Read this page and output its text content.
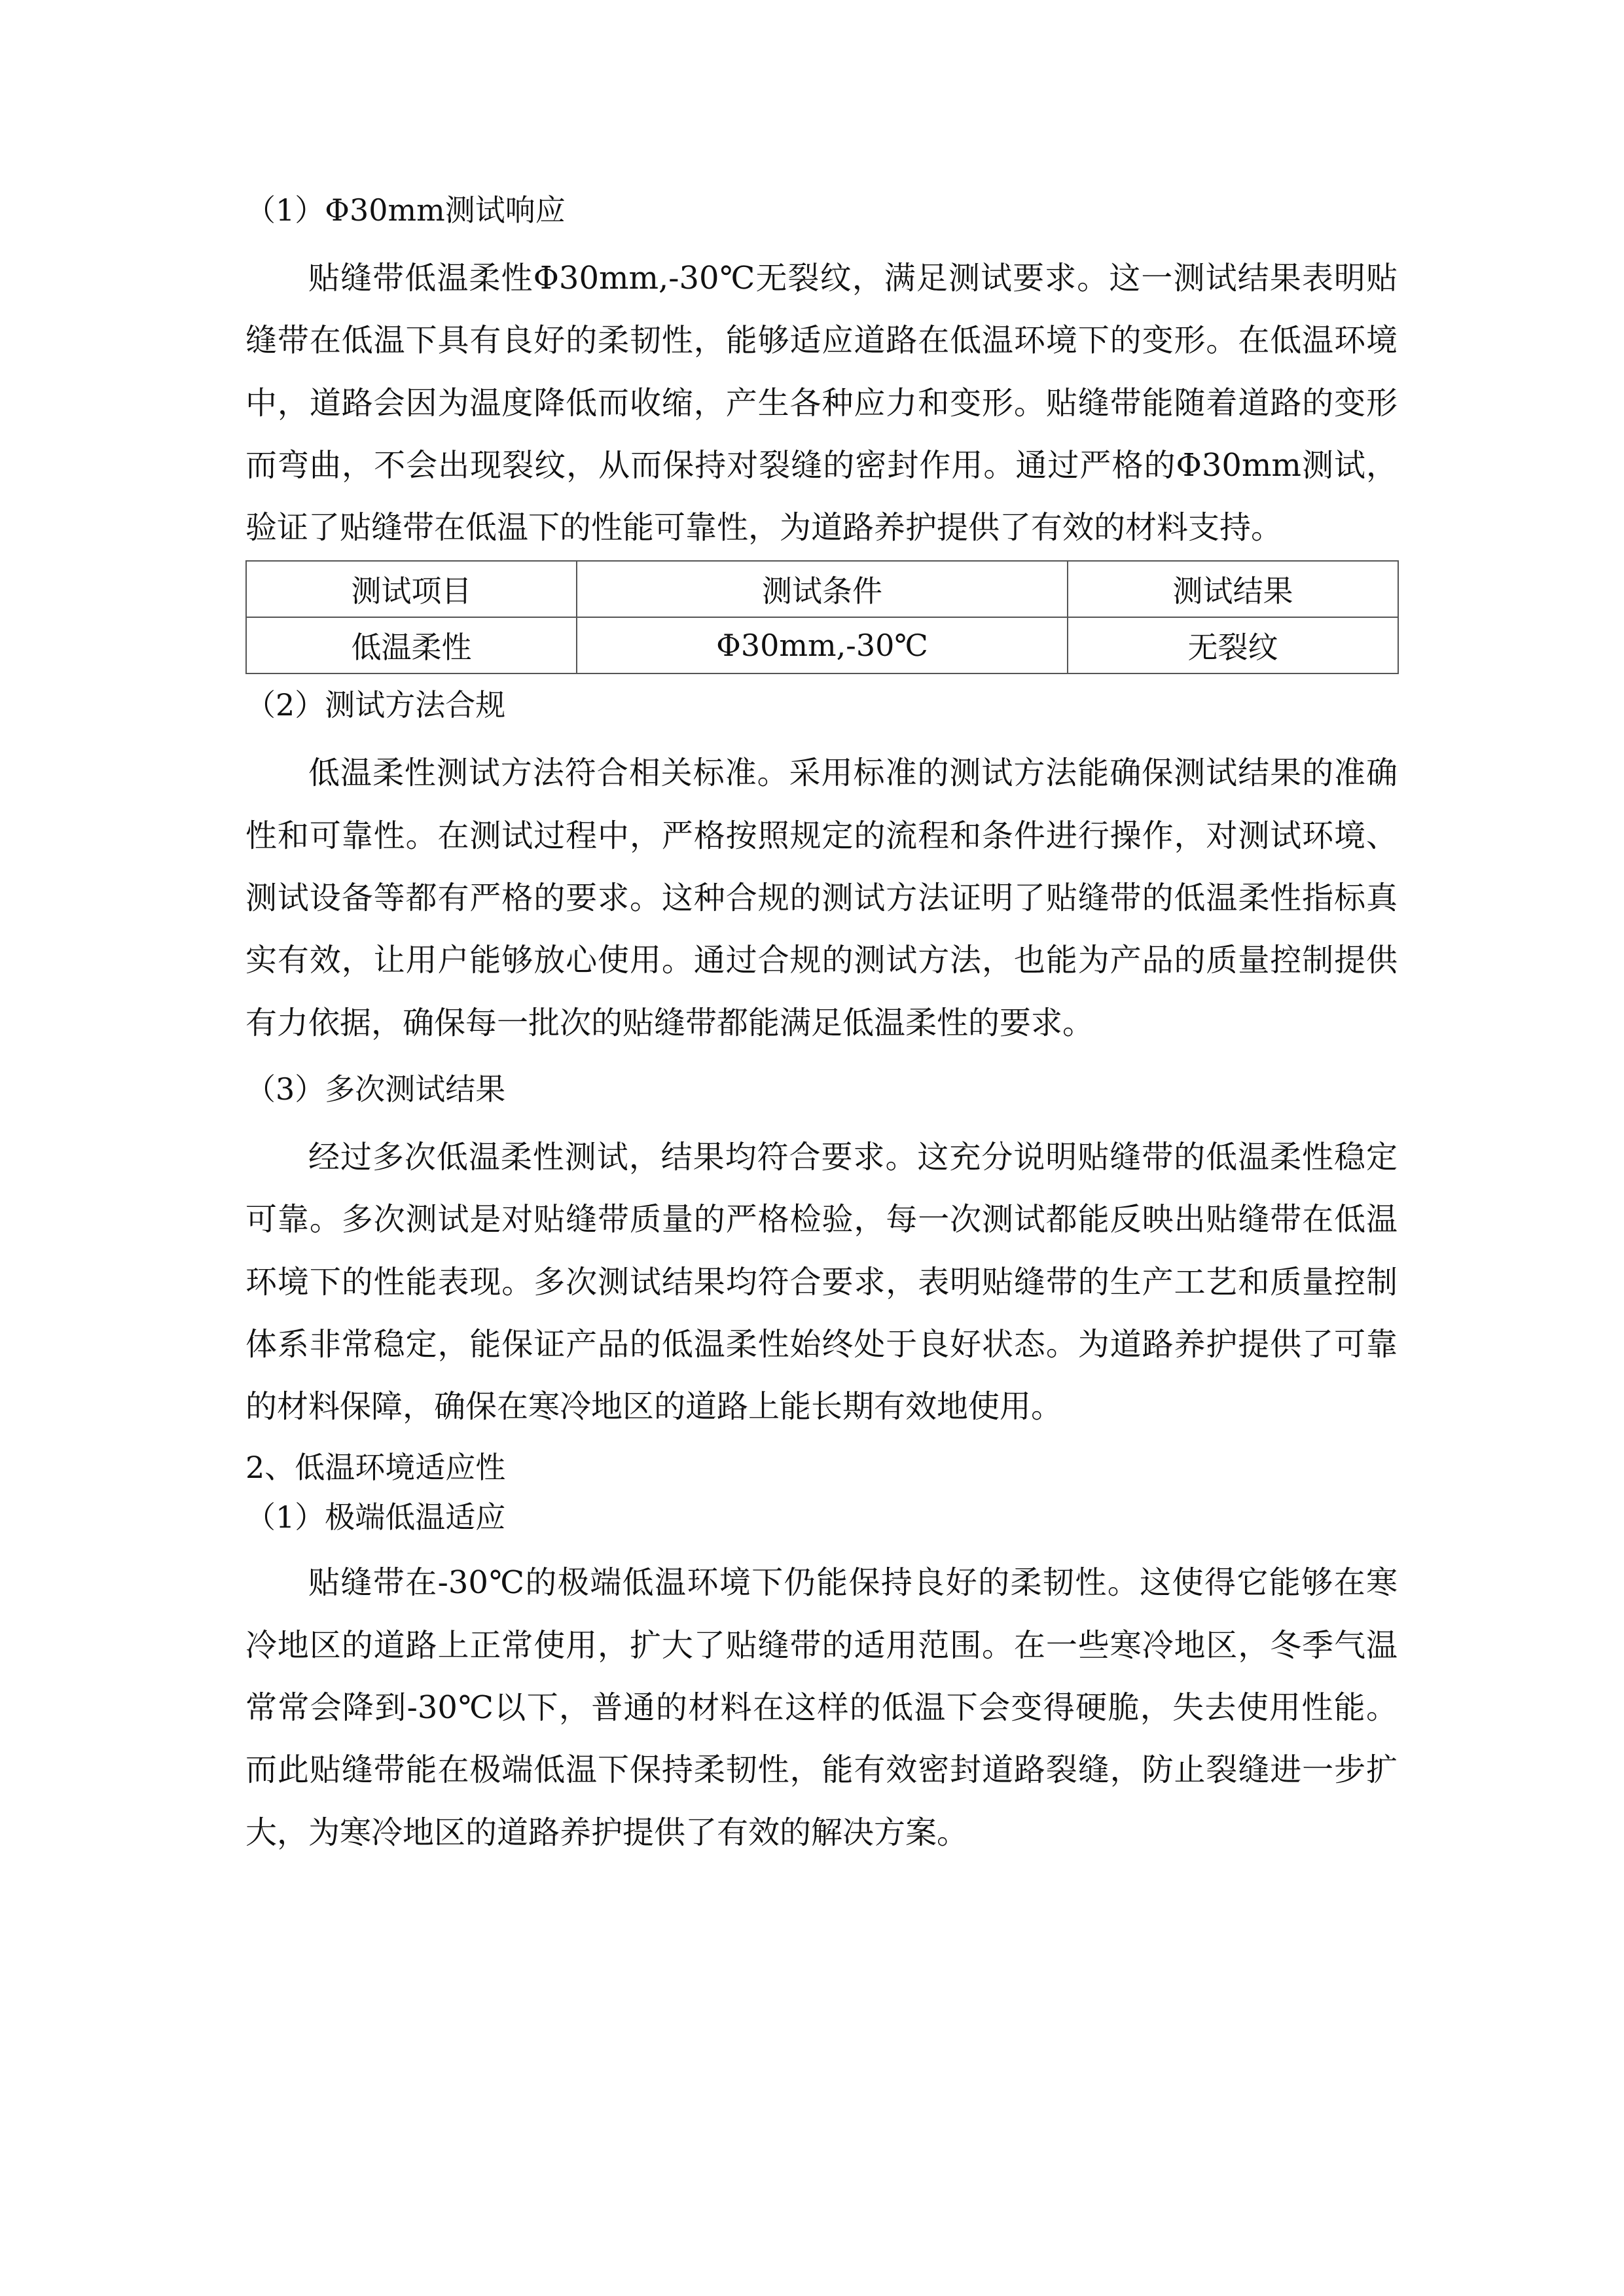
（1）Φ30mm测试响应

贴缝带低温柔性Φ30mm,-30℃无裂纹，满足测试要求。这一测试结果表明贴缝带在低温下具有良好的柔韧性，能够适应道路在低温环境下的变形。在低温环境中，道路会因为温度降低而收缩，产生各种应力和变形。贴缝带能随着道路的变形而弯曲，不会出现裂纹，从而保持对裂缝的密封作用。通过严格的Φ30mm测试，验证了贴缝带在低温下的性能可靠性，为道路养护提供了有效的材料支持。

测试项目	测试条件	测试结果
低温柔性	Φ30mm,-30℃	无裂纹

（2）测试方法合规

低温柔性测试方法符合相关标准。采用标准的测试方法能确保测试结果的准确性和可靠性。在测试过程中，严格按照规定的流程和条件进行操作，对测试环境、测试设备等都有严格的要求。这种合规的测试方法证明了贴缝带的低温柔性指标真实有效，让用户能够放心使用。通过合规的测试方法，也能为产品的质量控制提供有力依据，确保每一批次的贴缝带都能满足低温柔性的要求。

（3）多次测试结果

经过多次低温柔性测试，结果均符合要求。这充分说明贴缝带的低温柔性稳定可靠。多次测试是对贴缝带质量的严格检验，每一次测试都能反映出贴缝带在低温环境下的性能表现。多次测试结果均符合要求，表明贴缝带的生产工艺和质量控制体系非常稳定，能保证产品的低温柔性始终处于良好状态。为道路养护提供了可靠的材料保障，确保在寒冷地区的道路上能长期有效地使用。

2、低温环境适应性

（1）极端低温适应

贴缝带在-30℃的极端低温环境下仍能保持良好的柔韧性。这使得它能够在寒冷地区的道路上正常使用，扩大了贴缝带的适用范围。在一些寒冷地区，冬季气温常常会降到-30℃以下，普通的材料在这样的低温下会变得硬脆，失去使用性能。而此贴缝带能在极端低温下保持柔韧性，能有效密封道路裂缝，防止裂缝进一步扩大，为寒冷地区的道路养护提供了有效的解决方案。
